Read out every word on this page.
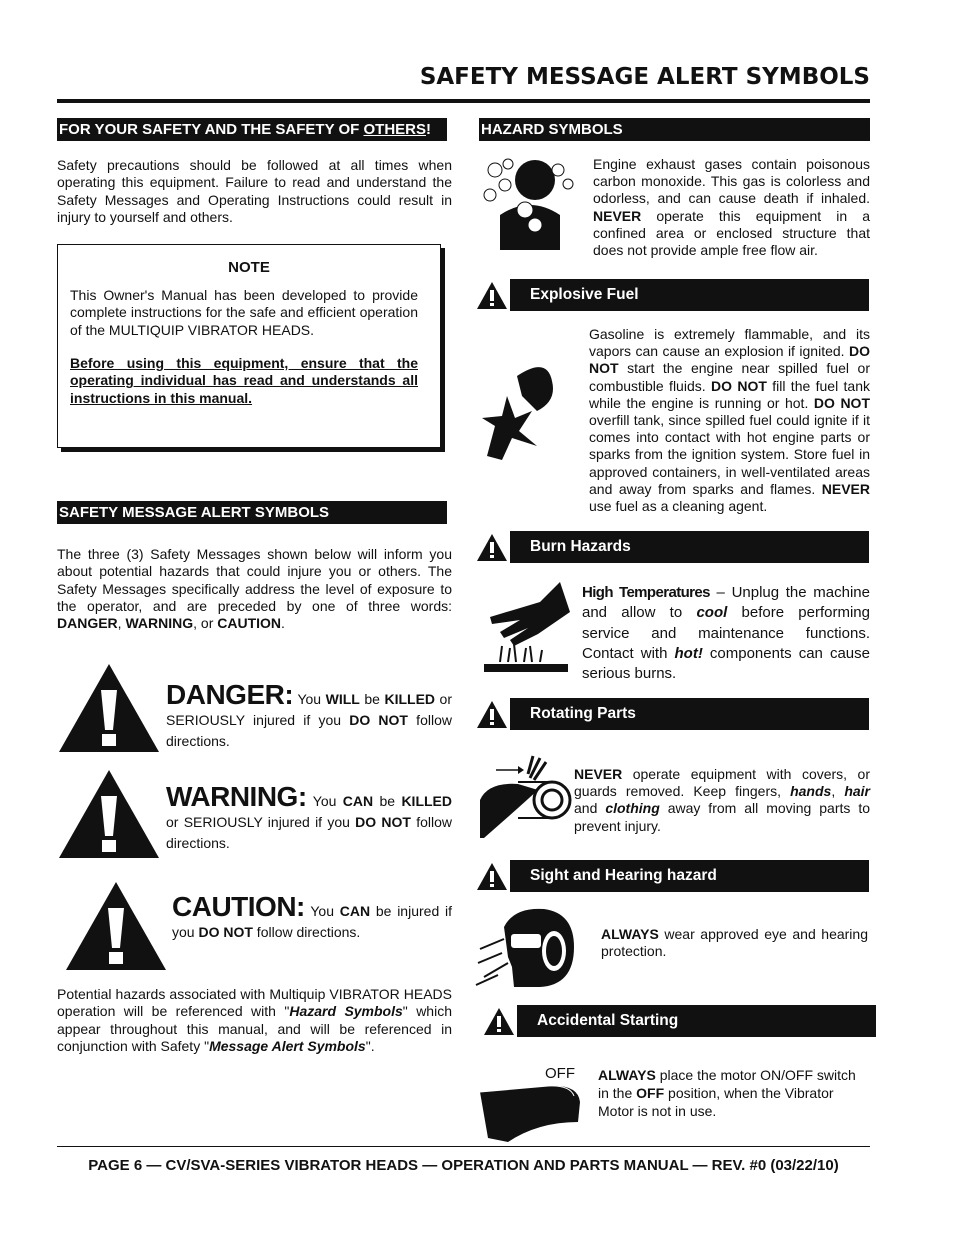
SAFETY MESSAGE ALERT SYMBOLS
FOR YOUR SAFETY AND THE SAFETY OF OTHERS!
Safety precautions should be followed at all times when operating this equipment. Failure to read and understand the Safety Messages and Operating Instructions could result in injury to yourself and others.
NOTE
This Owner's Manual has been developed to provide complete instructions for the safe and efficient operation of the MULTIQUIP VIBRATOR HEADS.
Before using this equipment, ensure that the operating individual has read and understands all instructions in this manual.
SAFETY MESSAGE ALERT SYMBOLS
The three (3) Safety Messages shown below will inform you about potential hazards that could injure you or others. The Safety Messages specifically address the level of exposure to the operator, and are preceded by one of three words: DANGER, WARNING, or CAUTION.
DANGER: You WILL be KILLED or SERIOUSLY injured if you DO NOT follow directions.
WARNING: You CAN be KILLED or SERIOUSLY injured if you DO NOT follow directions.
CAUTION: You CAN be injured if you DO NOT follow directions.
Potential hazards associated with Multiquip VIBRATOR HEADS operation will be referenced with "Hazard Symbols" which appear throughout this manual, and will be referenced in conjunction with Safety "Message Alert Symbols".
HAZARD SYMBOLS
Engine exhaust gases contain poisonous carbon monoxide. This gas is colorless and odorless, and can cause death if inhaled. NEVER operate this equipment in a confined area or enclosed structure that does not provide ample free flow air.
Explosive Fuel
Gasoline is extremely flammable, and its vapors can cause an explosion if ignited. DO NOT start the engine near spilled fuel or combustible fluids. DO NOT fill the fuel tank while the engine is running or hot. DO NOT overfill tank, since spilled fuel could ignite if it comes into contact with hot engine parts or sparks from the ignition system. Store fuel in approved containers, in well-ventilated areas and away from sparks and flames. NEVER use fuel as a cleaning agent.
Burn Hazards
High Temperatures – Unplug the machine and allow to cool before performing service and maintenance functions. Contact with hot! components can cause serious burns.
Rotating Parts
NEVER operate equipment with covers, or guards removed. Keep fingers, hands, hair and clothing away from all moving parts to prevent injury.
Sight and Hearing hazard
ALWAYS wear approved eye and hearing protection.
Accidental Starting
OFF ALWAYS place the motor ON/OFF switch in the OFF position, when the Vibrator Motor is not in use.
PAGE 6 — CV/SVA-SERIES VIBRATOR HEADS — OPERATION AND PARTS MANUAL — REV. #0 (03/22/10)
